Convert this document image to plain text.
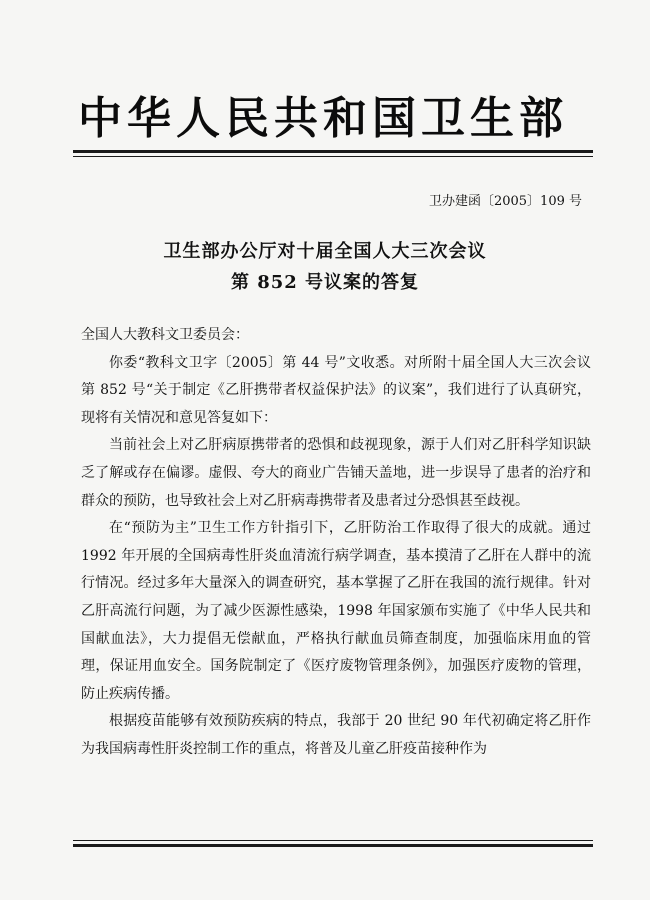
中华人民共和国卫生部
卫办建函〔2005〕109 号
卫生部办公厅对十届全国人大三次会议
第 852 号议案的答复

全国人大教科文卫委员会：

你委“教科文卫字〔2005〕第 44 号”文收悉。对所附十届全国人大三次会议第 852 号“关于制定《乙肝携带者权益保护法》的议案”，我们进行了认真研究，现将有关情况和意见答复如下：

当前社会上对乙肝病原携带者的恐惧和歧视现象，源于人们对乙肝科学知识缺乏了解或存在偏谬。虚假、夸大的商业广告铺天盖地，进一步误导了患者的治疗和群众的预防，也导致社会上对乙肝病毒携带者及患者过分恐惧甚至歧视。

在“预防为主”卫生工作方针指引下，乙肝防治工作取得了很大的成就。通过 1992 年开展的全国病毒性肝炎血清流行病学调查，基本摸清了乙肝在人群中的流行情况。经过多年大量深入的调查研究，基本掌握了乙肝在我国的流行规律。针对乙肝高流行问题，为了减少医源性感染，1998 年国家颁布实施了《中华人民共和国献血法》，大力提倡无偿献血，严格执行献血员筛查制度，加强临床用血的管理，保证用血安全。国务院制定了《医疗废物管理条例》，加强医疗废物的管理，防止疾病传播。

根据疫苗能够有效预防疾病的特点，我部于 20 世纪 90 年代初确定将乙肝作为我国病毒性肝炎控制工作的重点，将普及儿童乙肝疫苗接种作为
